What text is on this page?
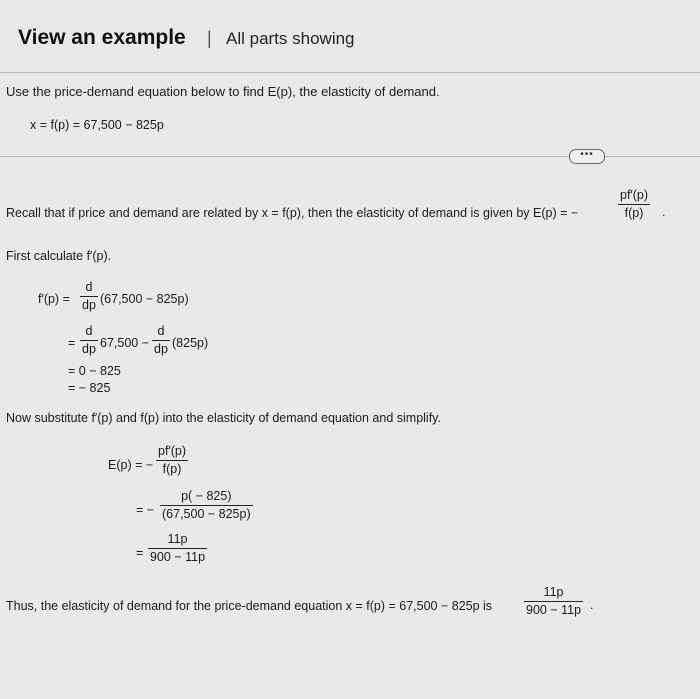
View an example | All parts showing
Use the price-demand equation below to find E(p), the elasticity of demand.
x = f(p) = 67,500 − 825p
•••
Recall that if price and demand are related by x = f(p), then the elasticity of demand is given by E(p) = −
pf′(p)
f(p) .
First calculate f′(p).
f′(p) =
d
dp (67,500 − 825p)
=
d
dp 67,500 −
d
dp (825p)
= 0 − 825
= − 825
Now substitute f′(p) and f(p) into the elasticity of demand equation and simplify.
E(p) = −
pf′(p)
f(p)
= −
p( − 825)
(67,500 − 825p)
=
11p
900 − 11p
Thus, the elasticity of demand for the price-demand equation x = f(p) = 67,500 − 825p is
11p
900 − 11p .
